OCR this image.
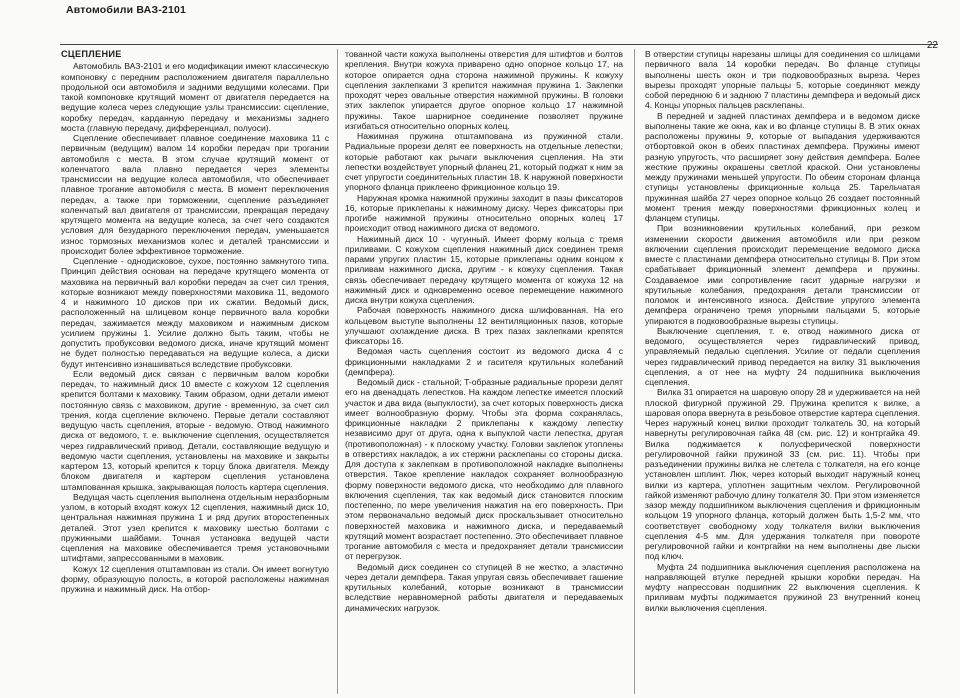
Автомобили ВАЗ-2101
22
СЦЕПЛЕНИЕ

Автомобиль ВАЗ-2101 и его модификации имеют классическую компоновку с передним расположением двигателя параллельно продольной оси автомобиля и задними ведущими колесами. При такой компоновке крутящий момент от двигателя передается на ведущие колеса через следующие узлы трансмиссии: сцепление, коробку передач, карданную передачу и механизмы заднего моста (главную передачу, дифференциал, полуоси).

Сцепление обеспечивает плавное соединение маховика 11 с первичным (ведущим) валом 14 коробки передач при трогании автомобиля с места. В этом случае крутящий момент от коленчатого вала плавно передается через элементы трансмиссии на ведущие колеса автомобиля, что обеспечивает плавное трогание автомобиля с места. В момент переключения передач, а также при торможении, сцепление разъединяет коленчатый вал двигателя от трансмиссии, прекращая передачу крутящего момента на ведущие колеса, за счет чего создаются условия для безударного переключения передач, уменьшается износ тормозных механизмов колес и деталей трансмиссии и происходит более эффективное торможение.

Сцепление - однодисковое, сухое, постоянно замкнутого типа. Принцип действия основан на передаче крутящего момента от маховика на первичный вал коробки передач за счет сил трения, которые возникают между поверхностями маховика 11, ведомого 4 и нажимного 10 дисков при их сжатии. Ведомый диск, расположенный на шлицевом конце первичного вала коробки передач, зажимается между маховиком и нажимным диском усилием пружины 1. Усилие должно быть таким, чтобы не допустить пробуксовки ведомого диска, иначе крутящий момент не будет полностью передаваться на ведущие колеса, а диски будут интенсивно изнашиваться вследствие пробуксовки.

Если ведомый диск связан с первичным валом коробки передач, то нажимный диск 10 вместе с кожухом 12 сцепления крепится болтами к маховику. Таким образом, одни детали имеют постоянную связь с маховиком, другие - временную, за счет сил трения, когда сцепление включено. Первые детали составляют ведущую часть сцепления, вторые - ведомую. Отвод нажимного диска от ведомого, т. е. выключение сцепления, осуществляется через гидравлический привод. Детали, составляющие ведущую и ведомую части сцепления, установлены на маховике и закрыты картером 13, который крепится к торцу блока двигателя. Между блоком двигателя и картером сцепления установлена штампованная крышка, закрывающая полость картера сцепления.

Ведущая часть сцепления выполнена отдельным неразборным узлом, в который входят кожух 12 сцепления, нажимный диск 10, центральная нажимная пружина 1 и ряд других второстепенных деталей. Этот узел крепится к маховику шестью болтами с пружинными шайбами. Точная установка ведущей части сцепления на маховике обеспечивается тремя установочными штифтами, запрессованными в маховик.

Кожух 12 сцепления отштампован из стали. Он имеет вогнутую форму, образующую полость, в которой расположены нажимная пружина и нажимный диск. На отбор-

тованной части кожуха выполнены отверстия для штифтов и болтов крепления. Внутри кожуха приварено одно опорное кольцо 17, на которое опирается одна сторона нажимной пружины. К кожуху сцепления заклепками 3 крепится нажимная пружина 1. Заклепки проходят через овальные отверстия нажимной пружины. В головки этих заклепок упирается другое опорное кольцо 17 нажимной пружины. Такое шарнирное соединение позволяет пружине изгибаться относительно опорных колец.

Нажимная пружина отштампована из пружинной стали. Радиальные прорези делят ее поверхность на отдельные лепестки, которые работают как рычаги выключения сцепления. На эти лепестки воздействует упорный фланец 21, который поджат к ним за счет упругости соединительных пластин 18. К наружной поверхности упорного фланца приклеено фрикционное кольцо 19.

Наружная кромка нажимной пружины заходит в пазы фиксаторов 16, которые приклепаны к нажимному диску. Через фиксаторы при прогибе нажимной пружины относительно опорных колец 17 происходит отвод нажимного диска от ведомого.

Нажимный диск 10 - чугунный. Имеет форму кольца с тремя приливами. С кожухом сцепления нажимный диск соединен тремя парами упругих пластин 15, которые приклепаны одним концом к приливам нажимного диска, другим - к кожуху сцепления. Такая связь обеспечивает передачу крутящего момента от кожуха 12 на нажимный диск и одновременно осевое перемещение нажимного диска внутри кожуха сцепления.

Рабочая поверхность нажимного диска шлифованная. На его кольцевом выступе выполнены 12 вентиляционных пазов, которые улучшают охлаждение диска. В трех пазах заклепками крепятся фиксаторы 16.

Ведомая часть сцепления состоит из ведомого диска 4 с фрикционными накладками 2 и гасителя крутильных колебаний (демпфера).

Ведомый диск - стальной; T-образные радиальные прорези делят его на двенадцать лепестков. На каждом лепестке имеется плоский участок и два вида (выпуклости), за счет которых поверхность диска имеет волнообразную форму. Чтобы эта форма сохранялась, фрикционные накладки 2 приклепаны к каждому лепестку независимо друг от друга, одна к выпуклой части лепестка, другая (противоположная) - к плоскому участку. Головки заклепок утоплены в отверстиях накладок, а их стержни расклепаны со стороны диска. Для доступа к заклепкам в противоположной накладке выполнены отверстия. Такое крепление накладок сохраняет волнообразную форму поверхности ведомого диска, что необходимо для плавного включения сцепления, так как ведомый диск становится плоским постепенно, по мере увеличения нажатия на его поверхность. При этом первоначально ведомый диск проскальзывает относительно поверхностей маховика и нажимного диска, и передаваемый крутящий момент возрастает постепенно. Это обеспечивает плавное трогание автомобиля с места и предохраняет детали трансмиссии от перегрузок.

Ведомый диск соединен со ступицей 8 не жестко, а эластично через детали демпфера. Такая упругая связь обеспечивает гашение крутильных колебаний, которые возникают в трансмиссии вследствие неравномерной работы двигателя и передаваемых динамических нагрузок.

В отверстии ступицы нарезаны шлицы для соединения со шлицами первичного вала 14 коробки передач. Во фланце ступицы выполнены шесть окон и три подковообразных выреза. Через вырезы проходят упорные пальцы 5, которые соединяют между собой переднюю 6 и заднюю 7 пластины демпфера и ведомый диск 4. Концы упорных пальцев расклепаны.

В передней и задней пластинах демпфера и в ведомом диске выполнены такие же окна, как и во фланце ступицы 8. В этих окнах расположены пружины 9, которые от выпадания удерживаются отбортовкой окон в обеих пластинах демпфера. Пружины имеют разную упругость, что расширяет зону действия демпфера. Более жесткие пружины окрашены светлой краской. Они установлены между пружинами меньшей упругости. По обеим сторонам фланца ступицы установлены фрикционные кольца 25. Тарельчатая пружинная шайба 27 через опорное кольцо 26 создает постоянный момент трения между поверхностями фрикционных колец и фланцем ступицы.

При возникновении крутильных колебаний, при резком изменении скорости движения автомобиля или при резком включении сцепления происходит перемещение ведомого диска вместе с пластинами демпфера относительно ступицы 8. При этом срабатывает фрикционный элемент демпфера и пружины. Создаваемое ими сопротивление гасит ударные нагрузки и крутильные колебания, предохраняя детали трансмиссии от поломок и интенсивного износа. Действие упругого элемента демпфера ограничено тремя упорными пальцами 5, которые упираются в подковообразные вырезы ступицы.

Выключение сцепления, т. е. отвод нажимного диска от ведомого, осуществляется через гидравлический привод, управляемый педалью сцепления. Усилие от педали сцепления через гидравлический привод передается на вилку 31 выключения сцепления, а от нее на муфту 24 подшипника выключения сцепления.

Вилка 31 опирается на шаровую опору 28 и удерживается на ней плоской фигурной пружиной 29. Пружина крепится к вилке, а шаровая опора ввернута в резьбовое отверстие картера сцепления. Через наружный конец вилки проходит толкатель 30, на который навернуты регулировочная гайка 48 (см. рис. 12) и контргайка 49. Вилка поджимается к полусферической поверхности регулировочной гайки пружиной 33 (см. рис. 11). Чтобы при разъединении пружины вилка не слетела с толкателя, на его конце установлен шплинт. Люк, через который выходит наружный конец вилки из картера, уплотнен защитным чехлом. Регулировочной гайкой изменяют рабочую длину толкателя 30. При этом изменяется зазор между подшипником выключения сцепления и фрикционным кольцом 19 упорного фланца, который должен быть 1,5-2 мм, что соответствует свободному ходу толкателя вилки выключения сцепления 4-5 мм. Для удержания толкателя при повороте регулировочной гайки и контргайки на нем выполнены две лыски под ключ.

Муфта 24 подшипника выключения сцепления расположена на направляющей втулке передней крышки коробки передач. На муфту напрессован подшипник 22 выключения сцепления. К приливам муфты поджимается пружиной 23 внутренний конец вилки выключения сцепления.
